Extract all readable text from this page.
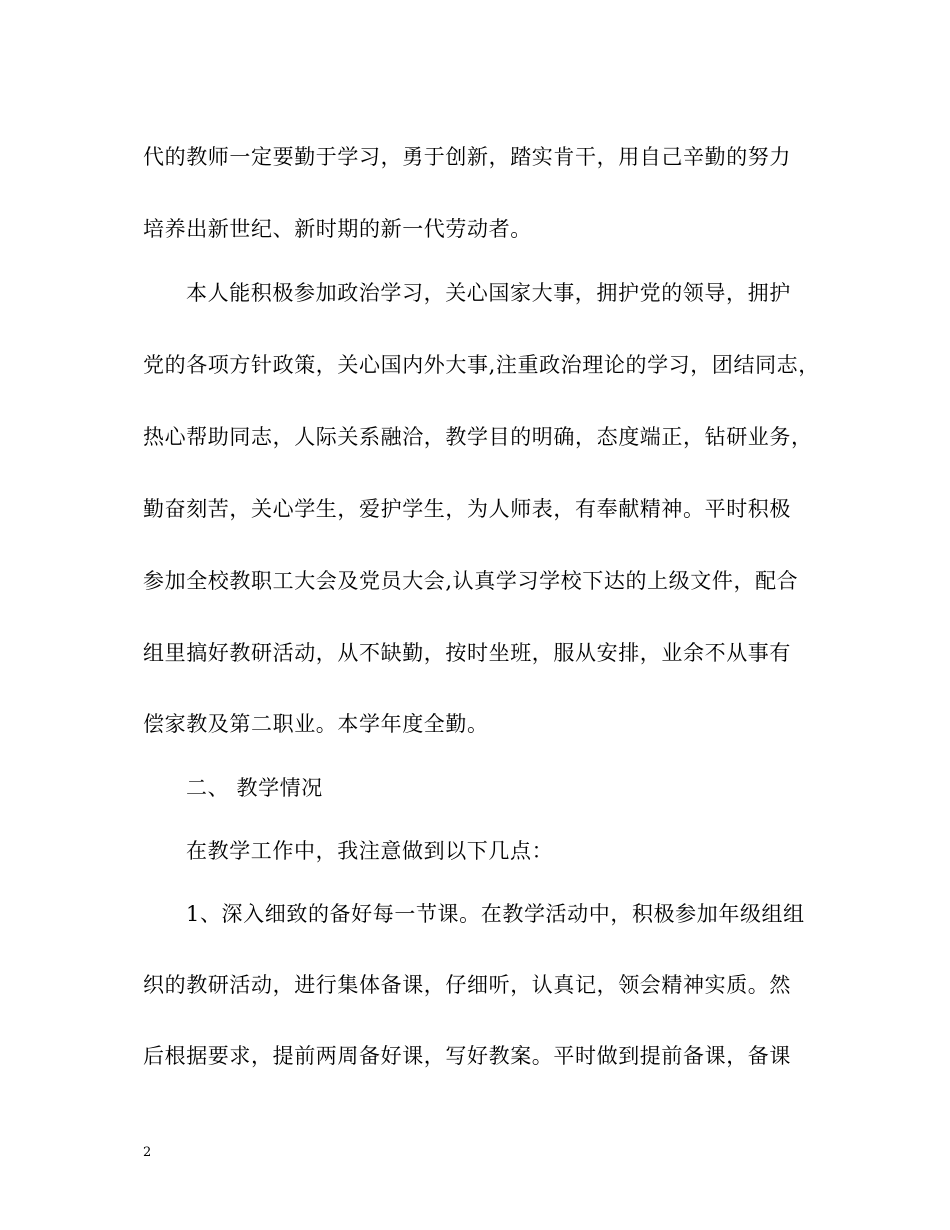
代的教师一定要勤于学习，勇于创新，踏实肯干，用自己辛勤的努力
培养出新世纪、新时期的新一代劳动者。
本人能积极参加政治学习，关心国家大事，拥护党的领导，拥护
党的各项方针政策，关心国内外大事,注重政治理论的学习，团结同志，
热心帮助同志，人际关系融洽，教学目的明确，态度端正，钻研业务，
勤奋刻苦，关心学生，爱护学生，为人师表，有奉献精神。平时积极
参加全校教职工大会及党员大会,认真学习学校下达的上级文件，配合
组里搞好教研活动，从不缺勤，按时坐班，服从安排，业余不从事有
偿家教及第二职业。本学年度全勤。
二、 教学情况
在教学工作中，我注意做到以下几点：
1、深入细致的备好每一节课。在教学活动中，积极参加年级组组
织的教研活动，进行集体备课，仔细听，认真记，领会精神实质。然
后根据要求，提前两周备好课，写好教案。平时做到提前备课，备课
2
